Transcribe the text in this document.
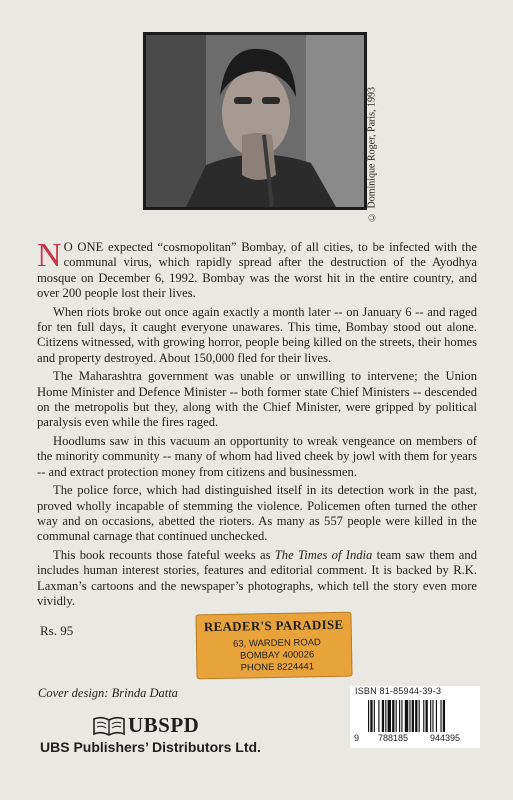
© Dominique Roger, Paris, 1993

N O ONE expected “cosmopolitan” Bombay, of all cities, to be infected with the communal virus, which rapidly spread after the destruction of the Ayodhya mosque on December 6, 1992. Bombay was the worst hit in the entire country, and over 200 people lost their lives.

When riots broke out once again exactly a month later -- on January 6 -- and raged for ten full days, it caught everyone unawares. This time, Bombay stood out alone. Citizens witnessed, with growing horror, people being killed on the streets, their homes and property destroyed. About 150,000 fled for their lives.

The Maharashtra government was unable or unwilling to intervene; the Union Home Minister and Defence Minister -- both former state Chief Ministers -- descended on the metropolis but they, along with the Chief Minister, were gripped by political paralysis even while the fires raged.

Hoodlums saw in this vacuum an opportunity to wreak vengeance on members of the minority community -- many of whom had lived cheek by jowl with them for years -- and extract protection money from citizens and businessmen.

The police force, which had distinguished itself in its detection work in the past, proved wholly incapable of stemming the violence. Policemen often turned the other way and on occasions, abetted the rioters. As many as 557 people were killed in the communal carnage that continued unchecked.

This book recounts those fateful weeks as The Times of India team saw them and includes human interest stories, features and editorial comment. It is backed by R.K. Laxman’s cartoons and the newspaper’s photographs, which tell the story even more vividly.

Rs. 95	READER'S PARADISE
63, WARDEN ROAD
BOMBAY 400026
PHONE 8224441
ISBN 81-85944-39-3
9 788185 944395
Cover design: Brinda Datta
UBSPD
UBS Publishers’ Distributors Ltd.
